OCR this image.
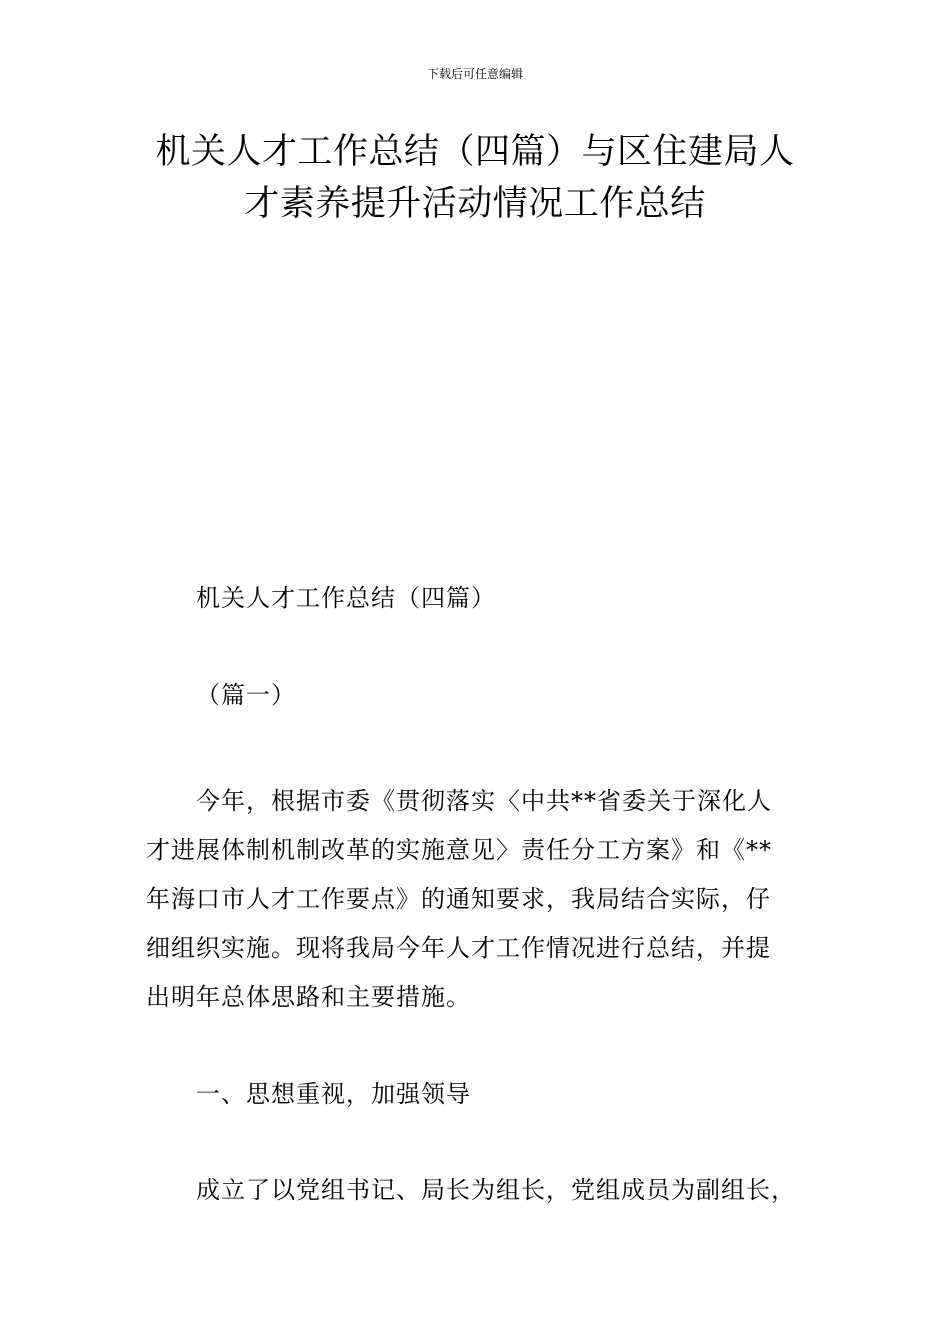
下载后可任意编辑
机关人才工作总结（四篇）与区住建局人
才素养提升活动情况工作总结

机关人才工作总结（四篇）

（篇一）

今年，根据市委《贯彻落实〈中共**省委关于深化人
才进展体制机制改革的实施意见〉责任分工方案》和《**
年海口市人才工作要点》的通知要求，我局结合实际，仔
细组织实施。现将我局今年人才工作情况进行总结，并提
出明年总体思路和主要措施。

一、思想重视，加强领导

成立了以党组书记、局长为组长，党组成员为副组长，
